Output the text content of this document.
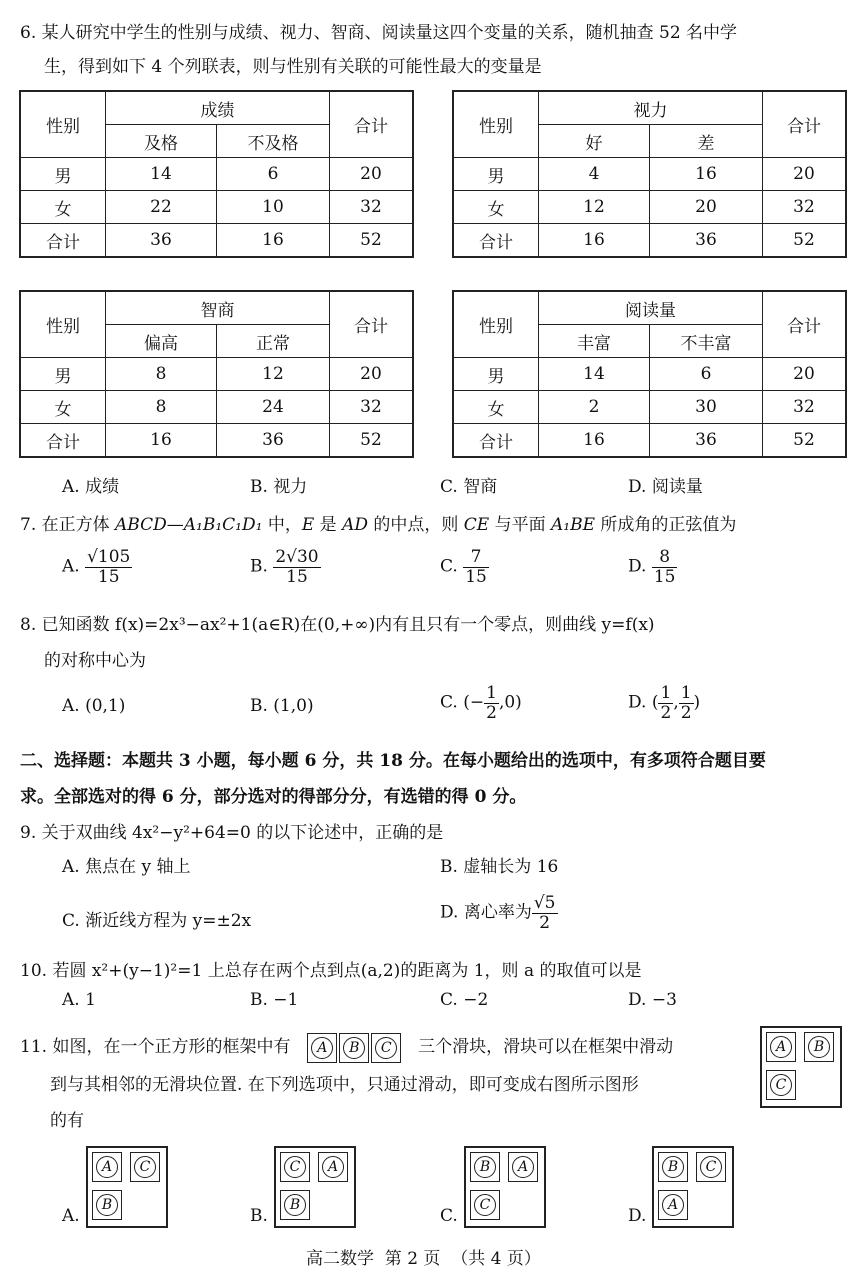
6. 某人研究中学生的性别与成绩、视力、智商、阅读量这四个变量的关系，随机抽查 52 名中学
生，得到如下 4 个列联表，则与性别有关联的可能性最大的变量是
性别	成绩		合计
	及格	不及格	
男	14	6	20
女	22	10	32
合计	36	16	52
性别	视力		合计
	好	差	
男	4	16	20
女	12	20	32
合计	16	36	52
性别	智商		合计
	偏高	正常	
男	8	12	20
女	8	24	32
合计	16	36	52
性别	阅读量		合计
	丰富	不丰富	
男	14	6	20
女	2	30	32
合计	16	36	52
A. 成绩	B. 视力	C. 智商	D. 阅读量
7. 在正方体 ABCD—A₁B₁C₁D₁ 中，E 是 AD 的中点，则 CE 与平面 A₁BE 所成角的正弦值为
A. $\frac{√105}{15}$	B. $\frac{2√30}{15}$	C. $\frac{7}{15}$	D. $\frac{8}{15}$
8. 已知函数 f(x)=2x³−ax²+1(a∈R)在(0,+∞)内有且只有一个零点，则曲线 y=f(x)
的对称中心为
A. (0,1)	B. (1,0)	C. (− $\frac{1}{2} ,0$)	D. ( $\frac{1}{2}$ , $\frac{1}{2}$ )
二、选择题：本题共 3 小题，每小题 6 分，共 18 分。在每小题给出的选项中，有多项符合题目要
求。全部选对的得 6 分，部分选对的得部分分，有选错的得 0 分。
9. 关于双曲线 4x²−y²+64=0 的以下论述中，正确的是
A. 焦点在 y 轴上	B. 虚轴长为 16
C. 渐近线方程为 y=±2x	D. 离心率为 $\frac{√5}{2}$
10. 若圆 x²+(y−1)²=1 上总存在两个点到点(a,2)的距离为 1，则 a 的取值可以是
A. 1	B. −1	C. −2	D. −3
11. 如图，在一个正方形的框架中有	A	B	C	三个滑块，滑块可以在框架中滑动
到与其相邻的无滑块位置. 在下列选项中，只通过滑动，即可变成右图所示图形
的有
A	B
C
A.
A	C
B
B.
C	A
B
C.
B	A
C
D.
B	C
A
高二数学  第 2 页  （共 4 页）
